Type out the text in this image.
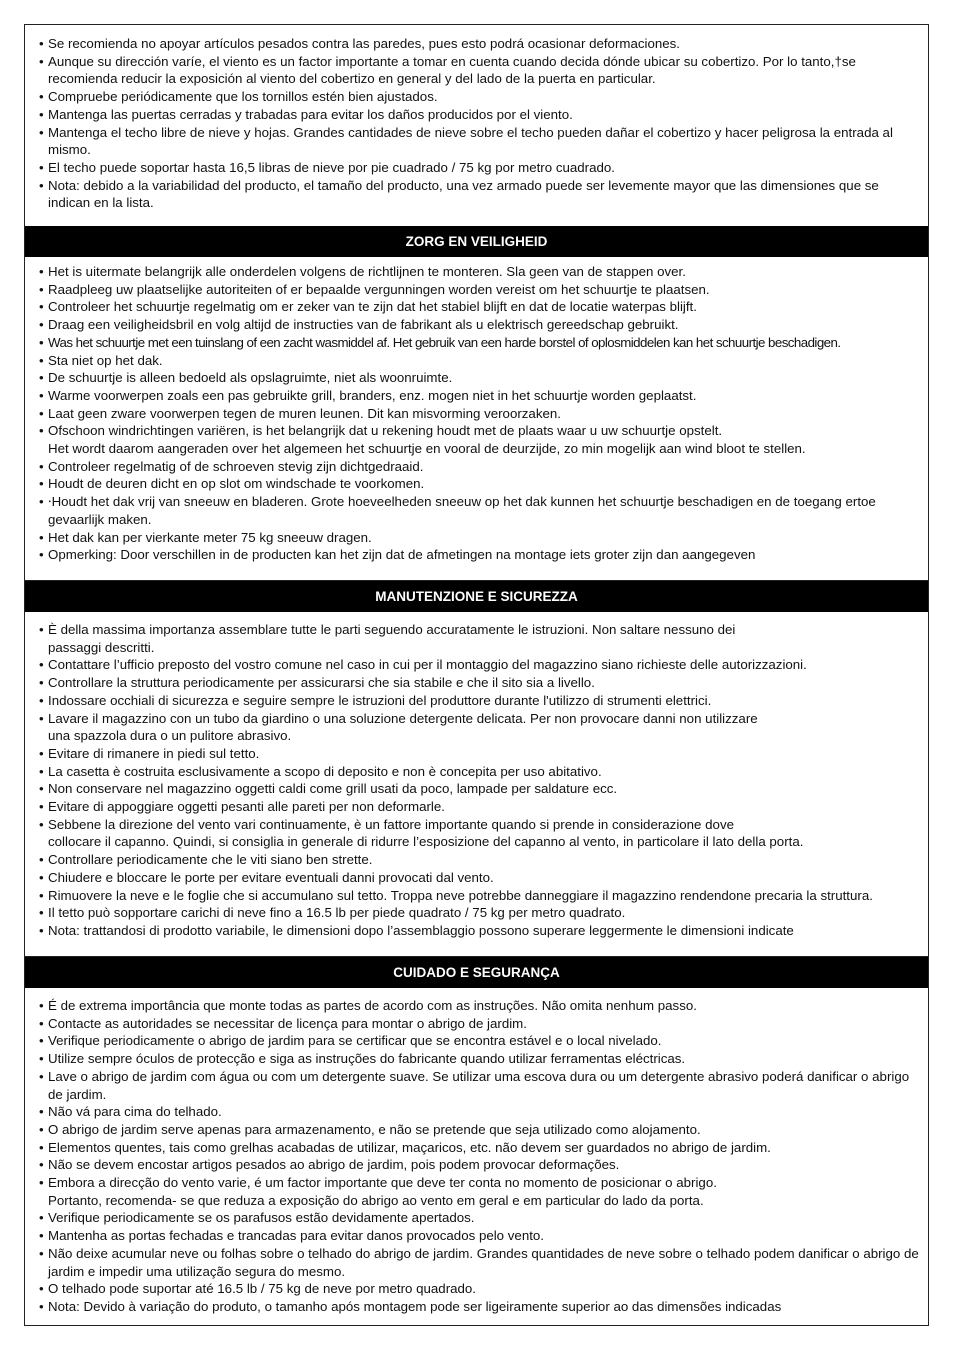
• Se recomienda no apoyar artículos pesados contra las paredes, pues esto podrá ocasionar deformaciones.
• Aunque su dirección varíe, el viento es un factor importante a tomar en cuenta cuando decida dónde ubicar su cobertizo. Por lo tanto,†se recomienda reducir la exposición al viento del cobertizo en general y del lado de la puerta en particular.
• Compruebe periódicamente que los tornillos estén bien ajustados.
• Mantenga las puertas cerradas y trabadas para evitar los daños producidos por el viento.
• Mantenga el techo libre de nieve y hojas. Grandes cantidades de nieve sobre el techo pueden dañar el cobertizo y hacer peligrosa la entrada al mismo.
• El techo puede soportar hasta 16,5 libras de nieve por pie cuadrado / 75 kg por metro cuadrado.
• Nota: debido a la variabilidad del producto, el tamaño del producto, una vez armado puede ser levemente mayor que las dimensiones que se indican en la lista.
ZORG EN VEILIGHEID
• Het is uitermate belangrijk alle onderdelen volgens de richtlijnen te monteren. Sla geen van de stappen over.
• Raadpleeg uw plaatselijke autoriteiten of er bepaalde vergunningen worden vereist om het schuurtje te plaatsen.
• Controleer het schuurtje regelmatig om er zeker van te zijn dat het stabiel blijft en dat de locatie waterpas blijft.
• Draag een veiligheidsbril en volg altijd de instructies van de fabrikant als u elektrisch gereedschap gebruikt.
• Was het schuurtje met een tuinslang of een zacht wasmiddel af. Het gebruik van een harde borstel of oplosmiddelen kan het schuurtje beschadigen.
• Sta niet op het dak.
• De schuurtje is alleen bedoeld als opslagruimte, niet als woonruimte.
• Warme voorwerpen zoals een pas gebruikte grill, branders, enz. mogen niet in het schuurtje worden geplaatst.
• Laat geen zware voorwerpen tegen de muren leunen. Dit kan misvorming veroorzaken.
• Ofschoon windrichtingen variëren, is het belangrijk dat u rekening houdt met de plaats waar u uw schuurtje opstelt.
Het wordt daarom aangeraden over het algemeen het schuurtje en vooral de deurzijde, zo min mogelijk aan wind bloot te stellen.
• Controleer regelmatig of de schroeven stevig zijn dichtgedraaid.
• Houdt de deuren dicht en op slot om windschade te voorkomen.
• ⸱Houdt het dak vrij van sneeuw en bladeren. Grote hoeveelheden sneeuw op het dak kunnen het schuurtje beschadigen en de toegang ertoe gevaarlijk maken.
• Het dak kan per vierkante meter 75 kg sneeuw dragen.
• Opmerking: Door verschillen in de producten kan het zijn dat de afmetingen na montage iets groter zijn dan aangegeven
MANUTENZIONE E SICUREZZA
• È della massima importanza assemblare tutte le parti seguendo accuratamente le istruzioni. Non saltare nessuno dei
passaggi descritti.
• Contattare l’ufficio preposto del vostro comune nel caso in cui per il montaggio del magazzino siano richieste delle autorizzazioni.
• Controllare la struttura periodicamente per assicurarsi che sia stabile e che il sito sia a livello.
• Indossare occhiali di sicurezza e seguire sempre le istruzioni del produttore durante l'utilizzo di strumenti elettrici.
• Lavare il magazzino con un tubo da giardino o una soluzione detergente delicata. Per non provocare danni non utilizzare
una spazzola dura o un pulitore abrasivo.
• Evitare di rimanere in piedi sul tetto.
• La casetta è costruita esclusivamente a scopo di deposito e non è concepita per uso abitativo.
• Non conservare nel magazzino oggetti caldi come grill usati da poco, lampade per saldature ecc.
• Evitare di appoggiare oggetti pesanti alle pareti per non deformarle.
• Sebbene la direzione del vento vari continuamente, è un fattore importante quando si prende in considerazione dove
collocare il capanno. Quindi, si consiglia in generale di ridurre l’esposizione del capanno al vento, in particolare il lato della porta.
• Controllare periodicamente che le viti siano ben strette.
• Chiudere e bloccare le porte per evitare eventuali danni provocati dal vento.
• Rimuovere la neve e le foglie che si accumulano sul tetto. Troppa neve potrebbe danneggiare il magazzino rendendone precaria la struttura.
• Il tetto può sopportare carichi di neve fino a 16.5 lb per piede quadrato / 75 kg per metro quadrato.
• Nota: trattandosi di prodotto variabile, le dimensioni dopo l’assemblaggio possono superare leggermente le dimensioni indicate
CUIDADO E SEGURANÇA
• É de extrema importância que monte todas as partes de acordo com as instruções. Não omita nenhum passo.
• Contacte as autoridades se necessitar de licença para montar o abrigo de jardim.
• Verifique periodicamente o abrigo de jardim para se certificar que se encontra estável e o local nivelado.
• Utilize sempre óculos de protecção e siga as instruções do fabricante quando utilizar ferramentas eléctricas.
• Lave o abrigo de jardim com água ou com um detergente suave. Se utilizar uma escova dura ou um detergente abrasivo poderá danificar o abrigo de jardim.
• Não vá para cima do telhado.
• O abrigo de jardim serve apenas para armazenamento, e não se pretende que seja utilizado como alojamento.
• Elementos quentes, tais como grelhas acabadas de utilizar, maçaricos, etc. não devem ser guardados no abrigo de jardim.
• Não se devem encostar artigos pesados ao abrigo de jardim, pois podem provocar deformações.
• Embora a direcção do vento varie, é um factor importante que deve ter conta no momento de posicionar o abrigo.
Portanto, recomenda- se que reduza a exposição do abrigo ao vento em geral e em particular do lado da porta.
• Verifique periodicamente se os parafusos estão devidamente apertados.
• Mantenha as portas fechadas e trancadas para evitar danos provocados pelo vento.
• Não deixe acumular neve ou folhas sobre o telhado do abrigo de jardim. Grandes quantidades de neve sobre o telhado podem danificar o abrigo de jardim e impedir uma utilização segura do mesmo.
• O telhado pode suportar até 16.5 lb / 75 kg de neve por metro quadrado.
• Nota: Devido à variação do produto, o tamanho após montagem pode ser ligeiramente superior ao das dimensões indicadas
